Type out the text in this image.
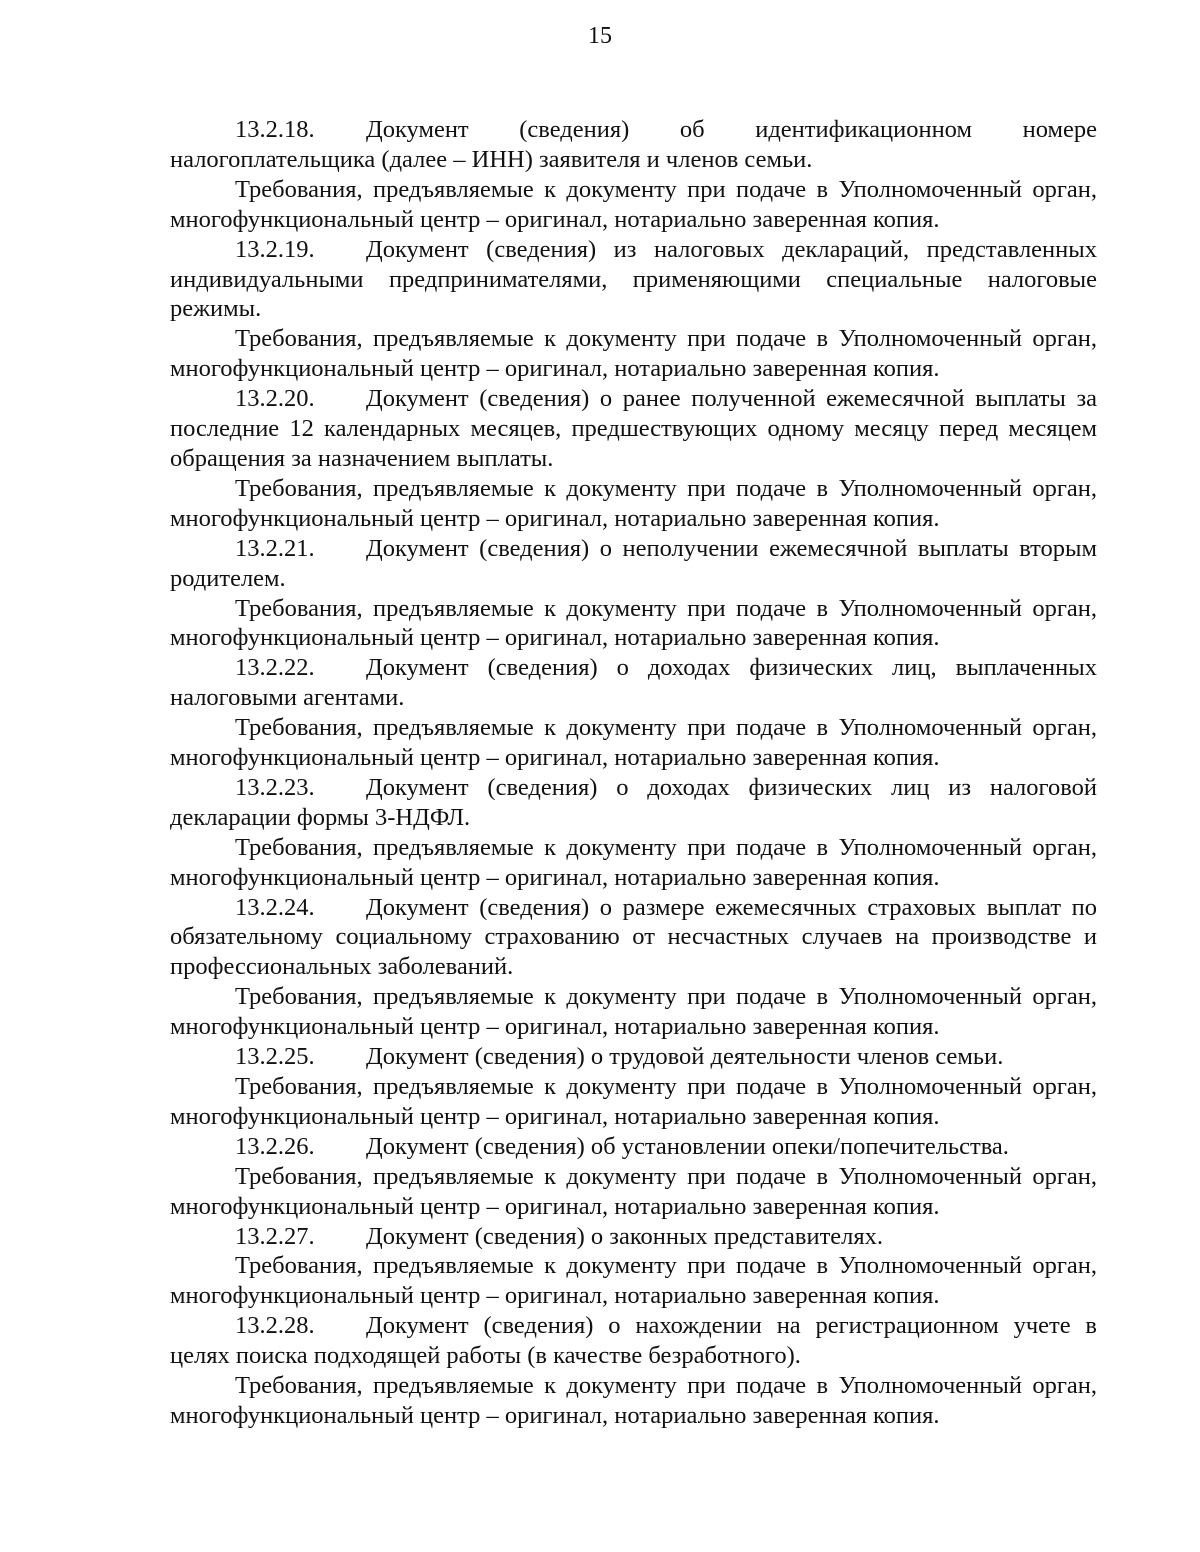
15

13.2.18. Документ (сведения) об идентификационном номере налогоплательщика (далее – ИНН) заявителя и членов семьи.

Требования, предъявляемые к документу при подаче в Уполномоченный орган, многофункциональный центр – оригинал, нотариально заверенная копия.

13.2.19. Документ (сведения) из налоговых деклараций, представленных индивидуальными предпринимателями, применяющими специальные налоговые режимы.

Требования, предъявляемые к документу при подаче в Уполномоченный орган, многофункциональный центр – оригинал, нотариально заверенная копия.

13.2.20. Документ (сведения) о ранее полученной ежемесячной выплаты за последние 12 календарных месяцев, предшествующих одному месяцу перед месяцем обращения за назначением выплаты.

Требования, предъявляемые к документу при подаче в Уполномоченный орган, многофункциональный центр – оригинал, нотариально заверенная копия.

13.2.21. Документ (сведения) о неполучении ежемесячной выплаты вторым родителем.

Требования, предъявляемые к документу при подаче в Уполномоченный орган, многофункциональный центр – оригинал, нотариально заверенная копия.

13.2.22. Документ (сведения) о доходах физических лиц, выплаченных налоговыми агентами.

Требования, предъявляемые к документу при подаче в Уполномоченный орган, многофункциональный центр – оригинал, нотариально заверенная копия.

13.2.23. Документ (сведения) о доходах физических лиц из налоговой декларации формы 3-НДФЛ.

Требования, предъявляемые к документу при подаче в Уполномоченный орган, многофункциональный центр – оригинал, нотариально заверенная копия.

13.2.24. Документ (сведения) о размере ежемесячных страховых выплат по обязательному социальному страхованию от несчастных случаев на производстве и профессиональных заболеваний.

Требования, предъявляемые к документу при подаче в Уполномоченный орган, многофункциональный центр – оригинал, нотариально заверенная копия.

13.2.25. Документ (сведения) о трудовой деятельности членов семьи.

Требования, предъявляемые к документу при подаче в Уполномоченный орган, многофункциональный центр – оригинал, нотариально заверенная копия.

13.2.26. Документ (сведения) об установлении опеки/попечительства.

Требования, предъявляемые к документу при подаче в Уполномоченный орган, многофункциональный центр – оригинал, нотариально заверенная копия.

13.2.27. Документ (сведения) о законных представителях.

Требования, предъявляемые к документу при подаче в Уполномоченный орган, многофункциональный центр – оригинал, нотариально заверенная копия.

13.2.28. Документ (сведения) о нахождении на регистрационном учете в целях поиска подходящей работы (в качестве безработного).

Требования, предъявляемые к документу при подаче в Уполномоченный орган, многофункциональный центр – оригинал, нотариально заверенная копия.
